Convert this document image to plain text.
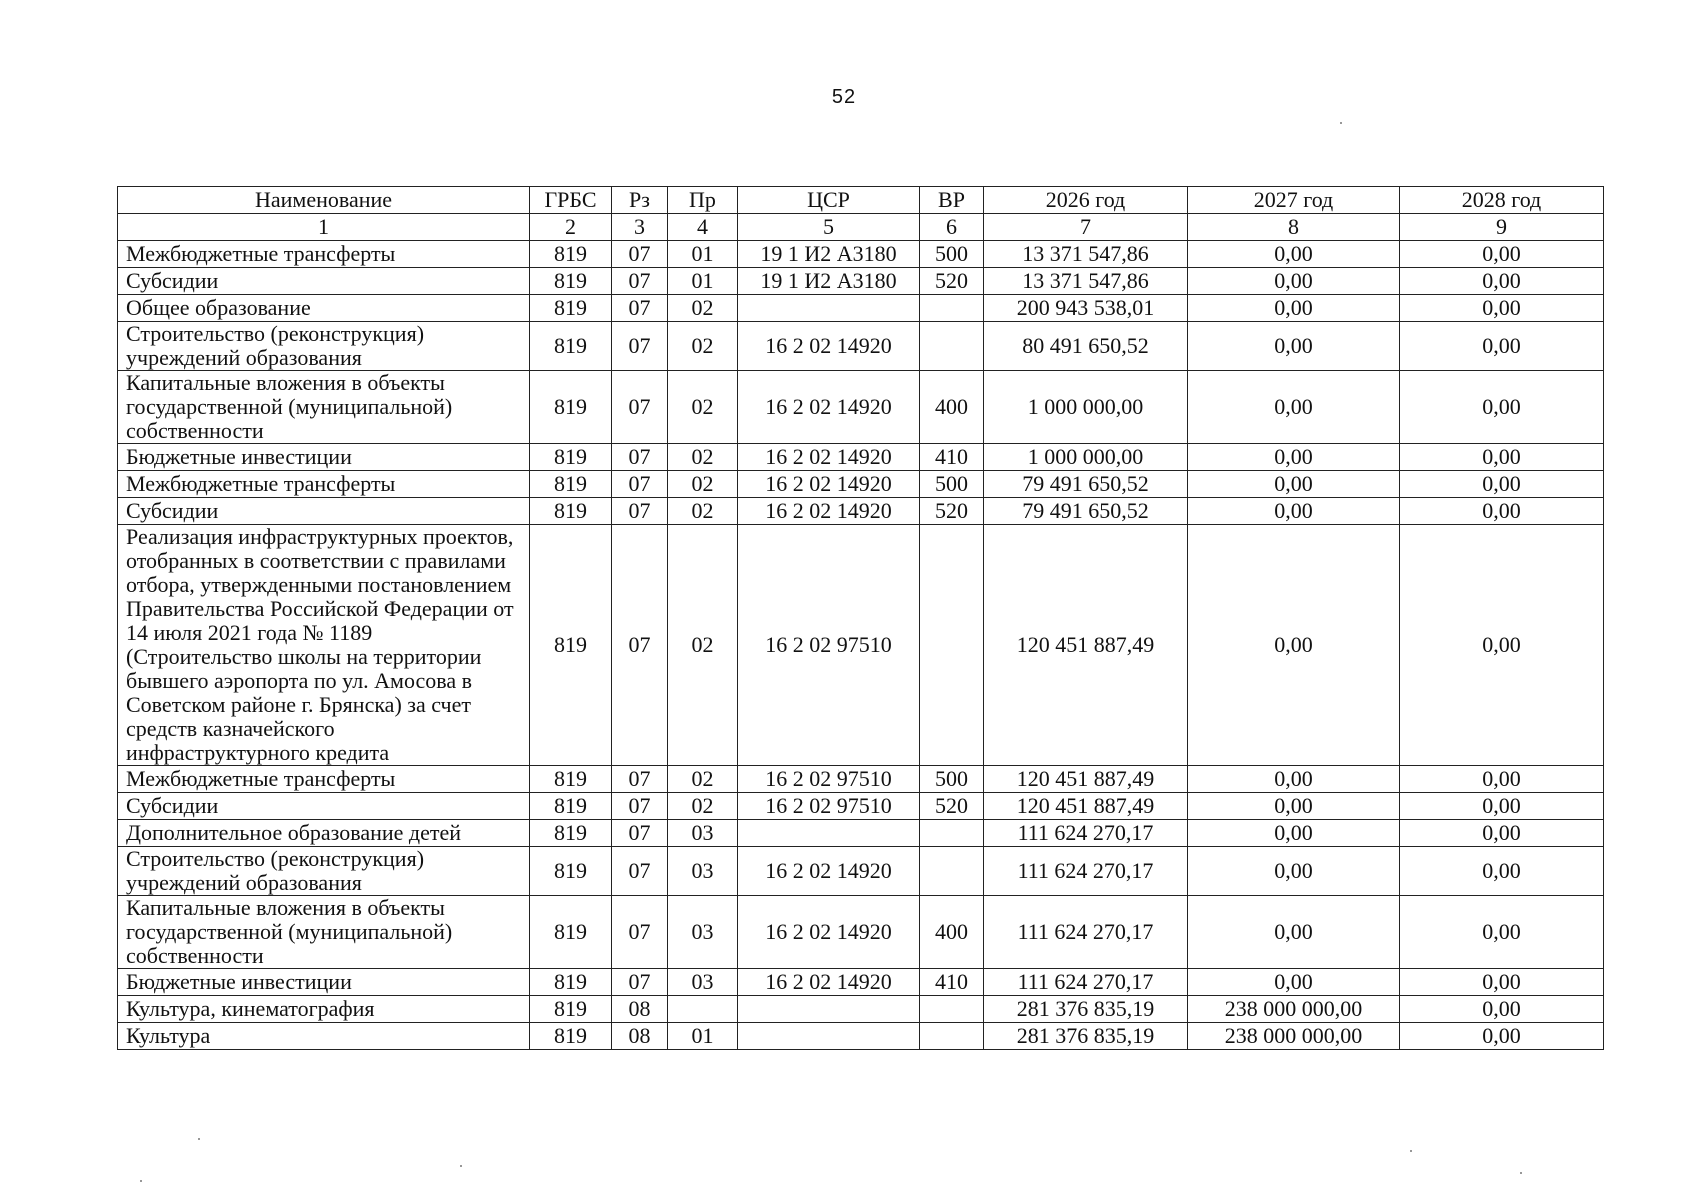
52
Наименование	ГРБС	Рз	Пр	ЦСР	ВР	2026 год	2027 год	2028 год
1	2	3	4	5	6	7	8	9
Межбюджетные трансферты	819	07	01	19 1 И2 А3180	500	13 371 547,86	0,00	0,00
Субсидии	819	07	01	19 1 И2 А3180	520	13 371 547,86	0,00	0,00
Общее образование	819	07	02			200 943 538,01	0,00	0,00
Строительство (реконструкция) учреждений образования	819	07	02	16 2 02 14920		80 491 650,52	0,00	0,00
Капитальные вложения в объекты государственной (муниципальной) собственности	819	07	02	16 2 02 14920	400	1 000 000,00	0,00	0,00
Бюджетные инвестиции	819	07	02	16 2 02 14920	410	1 000 000,00	0,00	0,00
Межбюджетные трансферты	819	07	02	16 2 02 14920	500	79 491 650,52	0,00	0,00
Субсидии	819	07	02	16 2 02 14920	520	79 491 650,52	0,00	0,00
Реализация инфраструктурных проектов, отобранных в соответствии с правилами отбора, утвержденными постановлением Правительства Российской Федерации от 14 июля 2021 года № 1189 (Строительство школы на территории бывшего аэропорта по ул. Амосова в Советском районе г. Брянска) за счет средств казначейского инфраструктурного кредита	819	07	02	16 2 02 97510		120 451 887,49	0,00	0,00
Межбюджетные трансферты	819	07	02	16 2 02 97510	500	120 451 887,49	0,00	0,00
Субсидии	819	07	02	16 2 02 97510	520	120 451 887,49	0,00	0,00
Дополнительное образование детей	819	07	03			111 624 270,17	0,00	0,00
Строительство (реконструкция) учреждений образования	819	07	03	16 2 02 14920		111 624 270,17	0,00	0,00
Капитальные вложения в объекты государственной (муниципальной) собственности	819	07	03	16 2 02 14920	400	111 624 270,17	0,00	0,00
Бюджетные инвестиции	819	07	03	16 2 02 14920	410	111 624 270,17	0,00	0,00
Культура, кинематография	819	08				281 376 835,19	238 000 000,00	0,00
Культура	819	08	01			281 376 835,19	238 000 000,00	0,00
